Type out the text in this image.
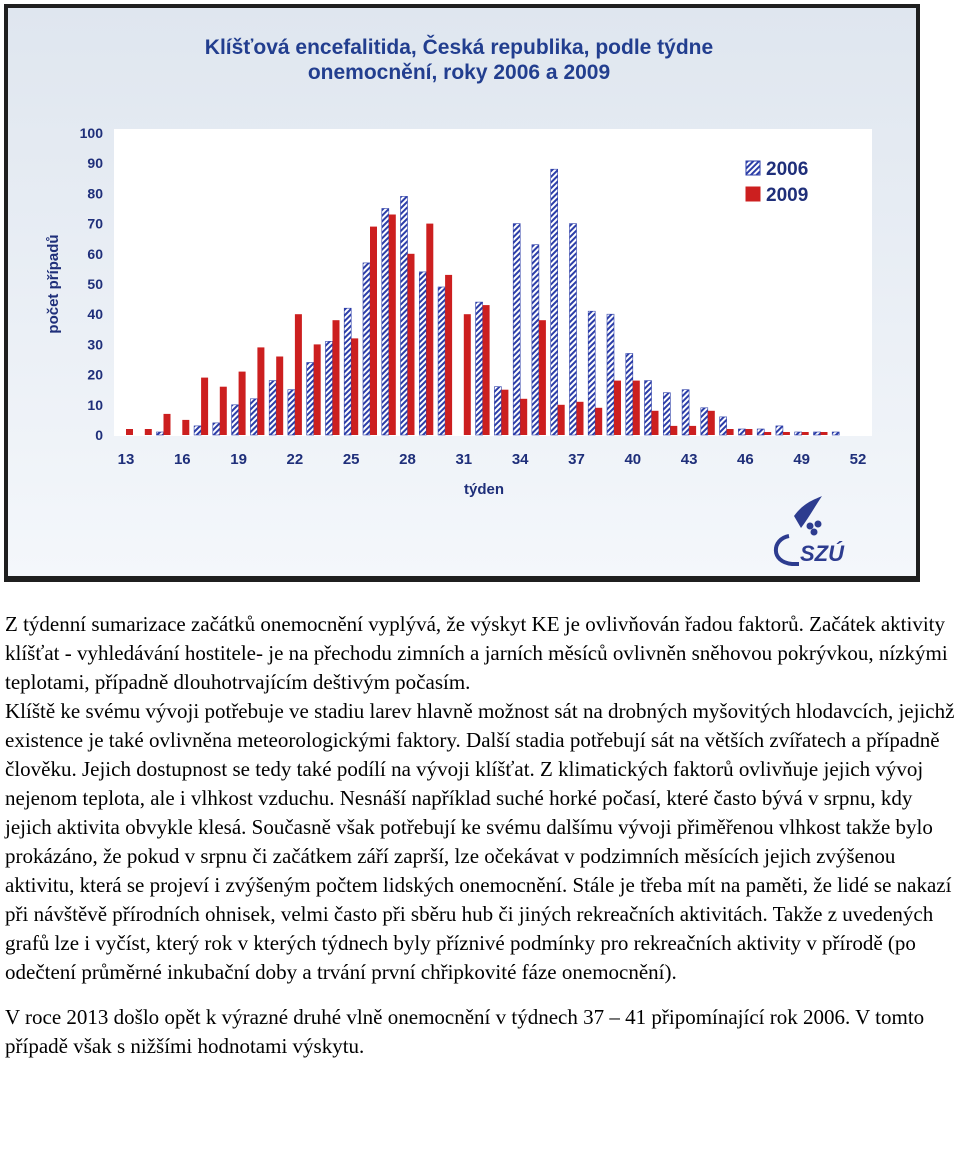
Klíšťová encefalitida, Česká republika, podle týdne
onemocnění, roky 2006 a 2009
počet případů
týden
0
10
20
30
40
50
60
70
80
90
100
13	16	19	22	25	28	31	34	37	40	43	46	49	52
2006
2009
SZÚ

Z týdenní sumarizace začátků onemocnění vyplývá, že výskyt KE je ovlivňován řadou faktorů. Začátek aktivity klíšťat - vyhledávání hostitele- je na přechodu zimních a jarních měsíců ovlivněn sněhovou pokrývkou, nízkými teplotami, případně dlouhotrvajícím deštivým počasím.

Klíště ke svému vývoji potřebuje ve stadiu larev hlavně možnost sát na drobných myšovitých hlodavcích, jejichž existence je také ovlivněna meteorologickými faktory. Další stadia potřebují sát na větších zvířatech a případně člověku. Jejich dostupnost se tedy také podílí na vývoji klíšťat. Z klimatických faktorů ovlivňuje jejich vývoj nejenom teplota, ale i vlhkost vzduchu. Nesnáší například suché horké počasí, které často bývá v srpnu, kdy jejich aktivita obvykle klesá. Současně však potřebují ke svému dalšímu vývoji přiměřenou vlhkost takže bylo prokázáno, že pokud v srpnu či začátkem září zaprší, lze očekávat v podzimních měsících jejich zvýšenou aktivitu, která se projeví i zvýšeným počtem lidských onemocnění. Stále je třeba mít na paměti, že lidé se nakazí při návštěvě přírodních ohnisek, velmi často při sběru hub či jiných rekreačních aktivitách. Takže z uvedených grafů lze i vyčíst, který rok v kterých týdnech byly příznivé podmínky pro rekreačních aktivity v přírodě (po odečtení průměrné inkubační doby a trvání první chřipkovité fáze onemocnění).

V roce 2013 došlo opět k výrazné druhé vlně onemocnění v týdnech 37 – 41 připomínající rok 2006. V tomto případě však s nižšími hodnotami výskytu.
